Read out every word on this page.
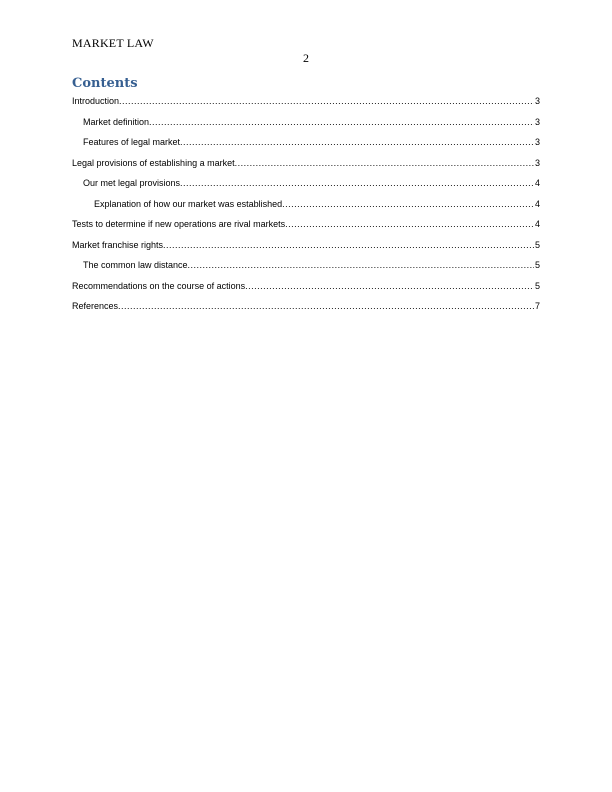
MARKET LAW
2
Contents
Introduction .....	3
Market definition .....	3
Features of legal market .....	3
Legal provisions of establishing a market .....	3
Our met legal provisions .....	4
Explanation of how our market was established .....	4
Tests to determine if new operations are rival markets .....	4
Market franchise rights .....	5
The common law distance .....	5
Recommendations on the course of actions .....	5
References .....	7
